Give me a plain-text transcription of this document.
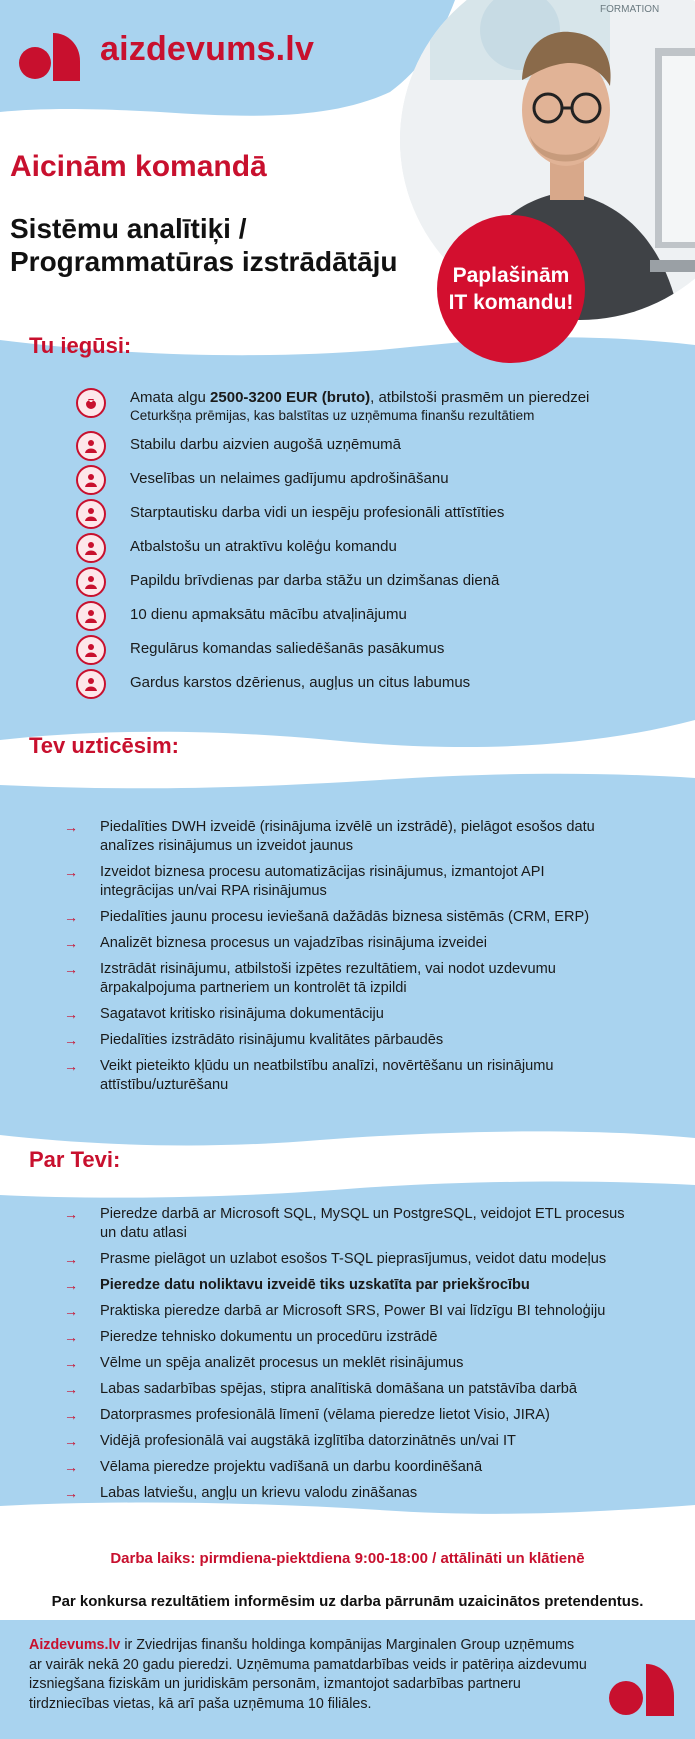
aizdevums.lv
FORMATION
Aicinām komandā
Sistēmu analītiķi /
Programmatūras izstrādātāju	Paplašinām
IT komandu!
Tu iegūsi:
Amata algu 2500-3200 EUR (bruto), atbilstoši prasmēm un pieredzei
Ceturkšņa prēmijas, kas balstītas uz uzņēmuma finanšu rezultātiem
Stabilu darbu aizvien augošā uzņēmumā
Veselības un nelaimes gadījumu apdrošināšanu
Starptautisku darba vidi un iespēju profesionāli attīstīties
Atbalstošu un atraktīvu kolēģu komandu
Papildu brīvdienas par darba stāžu un dzimšanas dienā
10 dienu apmaksātu mācību atvaļinājumu
Regulārus komandas saliedēšanās pasākumus
Gardus karstos dzērienus, augļus un citus labumus
Tev uzticēsim:
→ Piedalīties DWH izveidē (risinājuma izvēlē un izstrādē), pielāgot esošos datu
analīzes risinājumus un izveidot jaunus
→ Izveidot biznesa procesu automatizācijas risinājumus, izmantojot API
integrācijas un/vai RPA risinājumus
→ Piedalīties jaunu procesu ieviešanā dažādās biznesa sistēmās (CRM, ERP)
→ Analizēt biznesa procesus un vajadzības risinājuma izveidei
→ Izstrādāt risinājumu, atbilstoši izpētes rezultātiem, vai nodot uzdevumu
ārpakalpojuma partneriem un kontrolēt tā izpildi
→ Sagatavot kritisko risinājuma dokumentāciju
→ Piedalīties izstrādāto risinājumu kvalitātes pārbaudēs
→ Veikt pieteikto kļūdu un neatbilstību analīzi, novērtēšanu un risinājumu
attīstību/uzturēšanu
Par Tevi:
→ Pieredze darbā ar Microsoft SQL, MySQL un PostgreSQL, veidojot ETL procesus
un datu atlasi
→ Prasme pielāgot un uzlabot esošos T-SQL pieprasījumus, veidot datu modeļus
→ Pieredze datu noliktavu izveidē tiks uzskatīta par priekšrocību
→ Praktiska pieredze darbā ar Microsoft SRS, Power BI vai līdzīgu BI tehnoloģiju
→ Pieredze tehnisko dokumentu un procedūru izstrādē
→ Vēlme un spēja analizēt procesus un meklēt risinājumus
→ Labas sadarbības spējas, stipra analītiskā domāšana un patstāvība darbā
→ Datorprasmes profesionālā līmenī (vēlama pieredze lietot Visio, JIRA)
→ Vidējā profesionālā vai augstākā izglītība datorzinātnēs un/vai IT
→ Vēlama pieredze projektu vadīšanā un darbu koordinēšanā
→ Labas latviešu, angļu un krievu valodu zināšanas
Darba laiks: pirmdiena-piektdiena 9:00-18:00 / attālināti un klātienē
Par konkursa rezultātiem informēsim uz darba pārrunām uzaicinātos pretendentus.
Aizdevums.lv ir Zviedrijas finanšu holdinga kompānijas Marginalen Group uzņēmums
ar vairāk nekā 20 gadu pieredzi. Uzņēmuma pamatdarbības veids ir patēriņa aizdevumu
izsniegšana fiziskām un juridiskām personām, izmantojot sadarbības partneru
tirdzniecības vietas, kā arī paša uzņēmuma 10 filiāles.
